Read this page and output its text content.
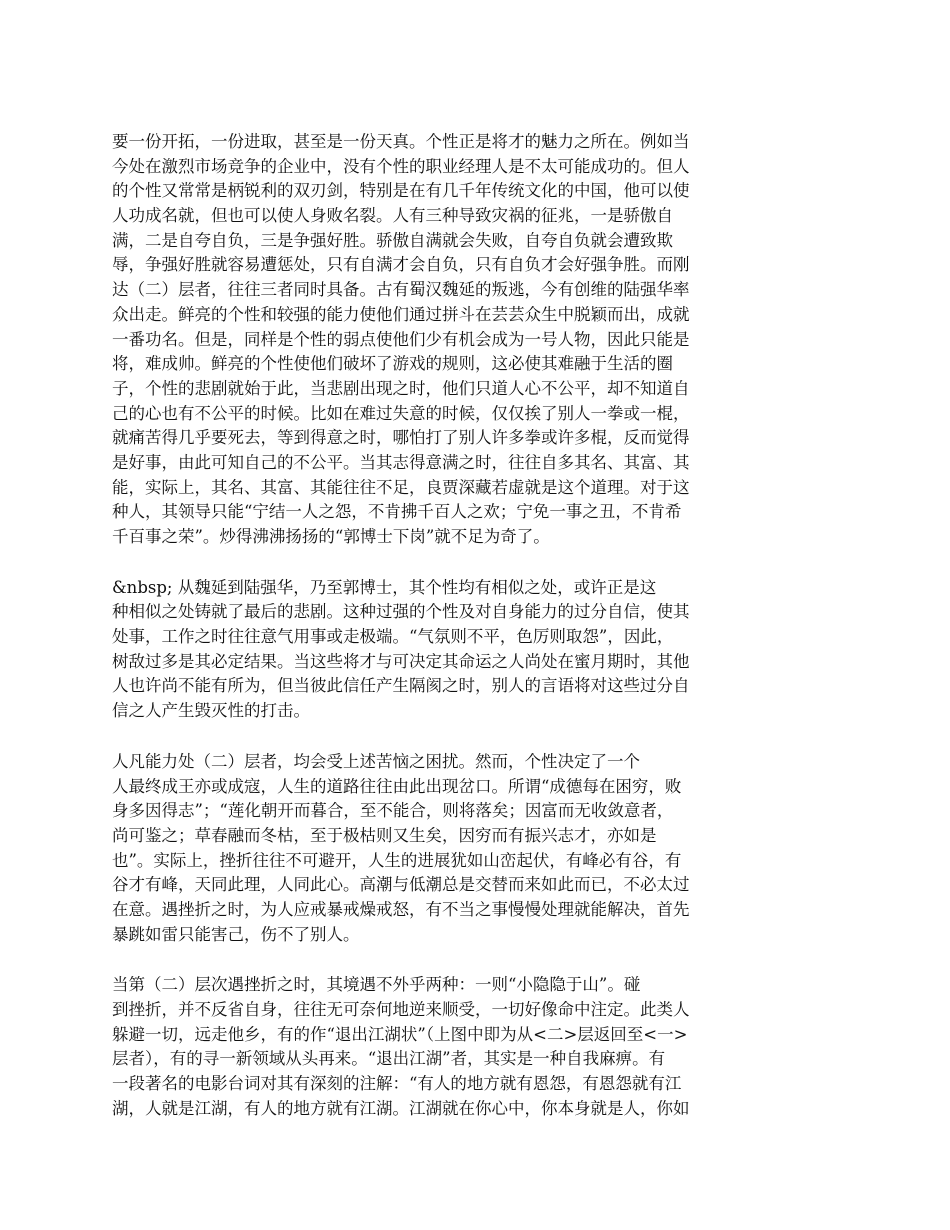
要一份开拓，一份进取，甚至是一份天真。个性正是将才的魅力之所在。例如当
今处在激烈市场竞争的企业中，没有个性的职业经理人是不太可能成功的。但人
的个性又常常是柄锐利的双刃剑，特别是在有几千年传统文化的中国，他可以使
人功成名就，但也可以使人身败名裂。人有三种导致灾祸的征兆，一是骄傲自
满，二是自夸自负，三是争强好胜。骄傲自满就会失败，自夸自负就会遭致欺
辱，争强好胜就容易遭惩处，只有自满才会自负，只有自负才会好强争胜。而刚
达（二）层者，往往三者同时具备。古有蜀汉魏延的叛逃，今有创维的陆强华率
众出走。鲜亮的个性和较强的能力使他们通过拼斗在芸芸众生中脱颖而出，成就
一番功名。但是，同样是个性的弱点使他们少有机会成为一号人物，因此只能是
将，难成帅。鲜亮的个性使他们破坏了游戏的规则，这必使其难融于生活的圈
子，个性的悲剧就始于此，当悲剧出现之时，他们只道人心不公平，却不知道自
己的心也有不公平的时候。比如在难过失意的时候，仅仅挨了别人一拳或一棍，
就痛苦得几乎要死去，等到得意之时，哪怕打了别人许多拳或许多棍，反而觉得
是好事，由此可知自己的不公平。当其志得意满之时，往往自多其名、其富、其
能，实际上，其名、其富、其能往往不足，良贾深藏若虚就是这个道理。对于这
种人，其领导只能“宁结一人之怨，不肯拂千百人之欢；宁免一事之丑，不肯希
千百事之荣”。炒得沸沸扬扬的“郭博士下岗”就不足为奇了。
&nbsp; 从魏延到陆强华，乃至郭博士，其个性均有相似之处，或许正是这
种相似之处铸就了最后的悲剧。这种过强的个性及对自身能力的过分自信，使其
处事，工作之时往往意气用事或走极端。“气氛则不平，色厉则取怨”，因此，
树敌过多是其必定结果。当这些将才与可决定其命运之人尚处在蜜月期时，其他
人也许尚不能有所为，但当彼此信任产生隔阂之时，别人的言语将对这些过分自
信之人产生毁灭性的打击。
人凡能力处（二）层者，均会受上述苦恼之困扰。然而，个性决定了一个
人最终成王亦或成寇，人生的道路往往由此出现岔口。所谓“成德每在困穷，败
身多因得志”；“莲化朝开而暮合，至不能合，则将落矣；因富而无收敛意者，
尚可鉴之；草春融而冬枯，至于极枯则又生矣，因穷而有振兴志才，亦如是
也”。实际上，挫折往往不可避开，人生的进展犹如山峦起伏，有峰必有谷，有
谷才有峰，天同此理，人同此心。高潮与低潮总是交替而来如此而已，不必太过
在意。遇挫折之时，为人应戒暴戒燥戒怒，有不当之事慢慢处理就能解决，首先
暴跳如雷只能害己，伤不了别人。
当第（二）层次遇挫折之时，其境遇不外乎两种：一则“小隐隐于山”。碰
到挫折，并不反省自身，往往无可奈何地逆来顺受，一切好像命中注定。此类人
躲避一切，远走他乡，有的作“退出江湖状”（上图中即为从<二>层返回至<一>
层者），有的寻一新领域从头再来。“退出江湖”者，其实是一种自我麻痹。有
一段著名的电影台词对其有深刻的注解：“有人的地方就有恩怨，有恩怨就有江
湖，人就是江湖，有人的地方就有江湖。江湖就在你心中，你本身就是人，你如
